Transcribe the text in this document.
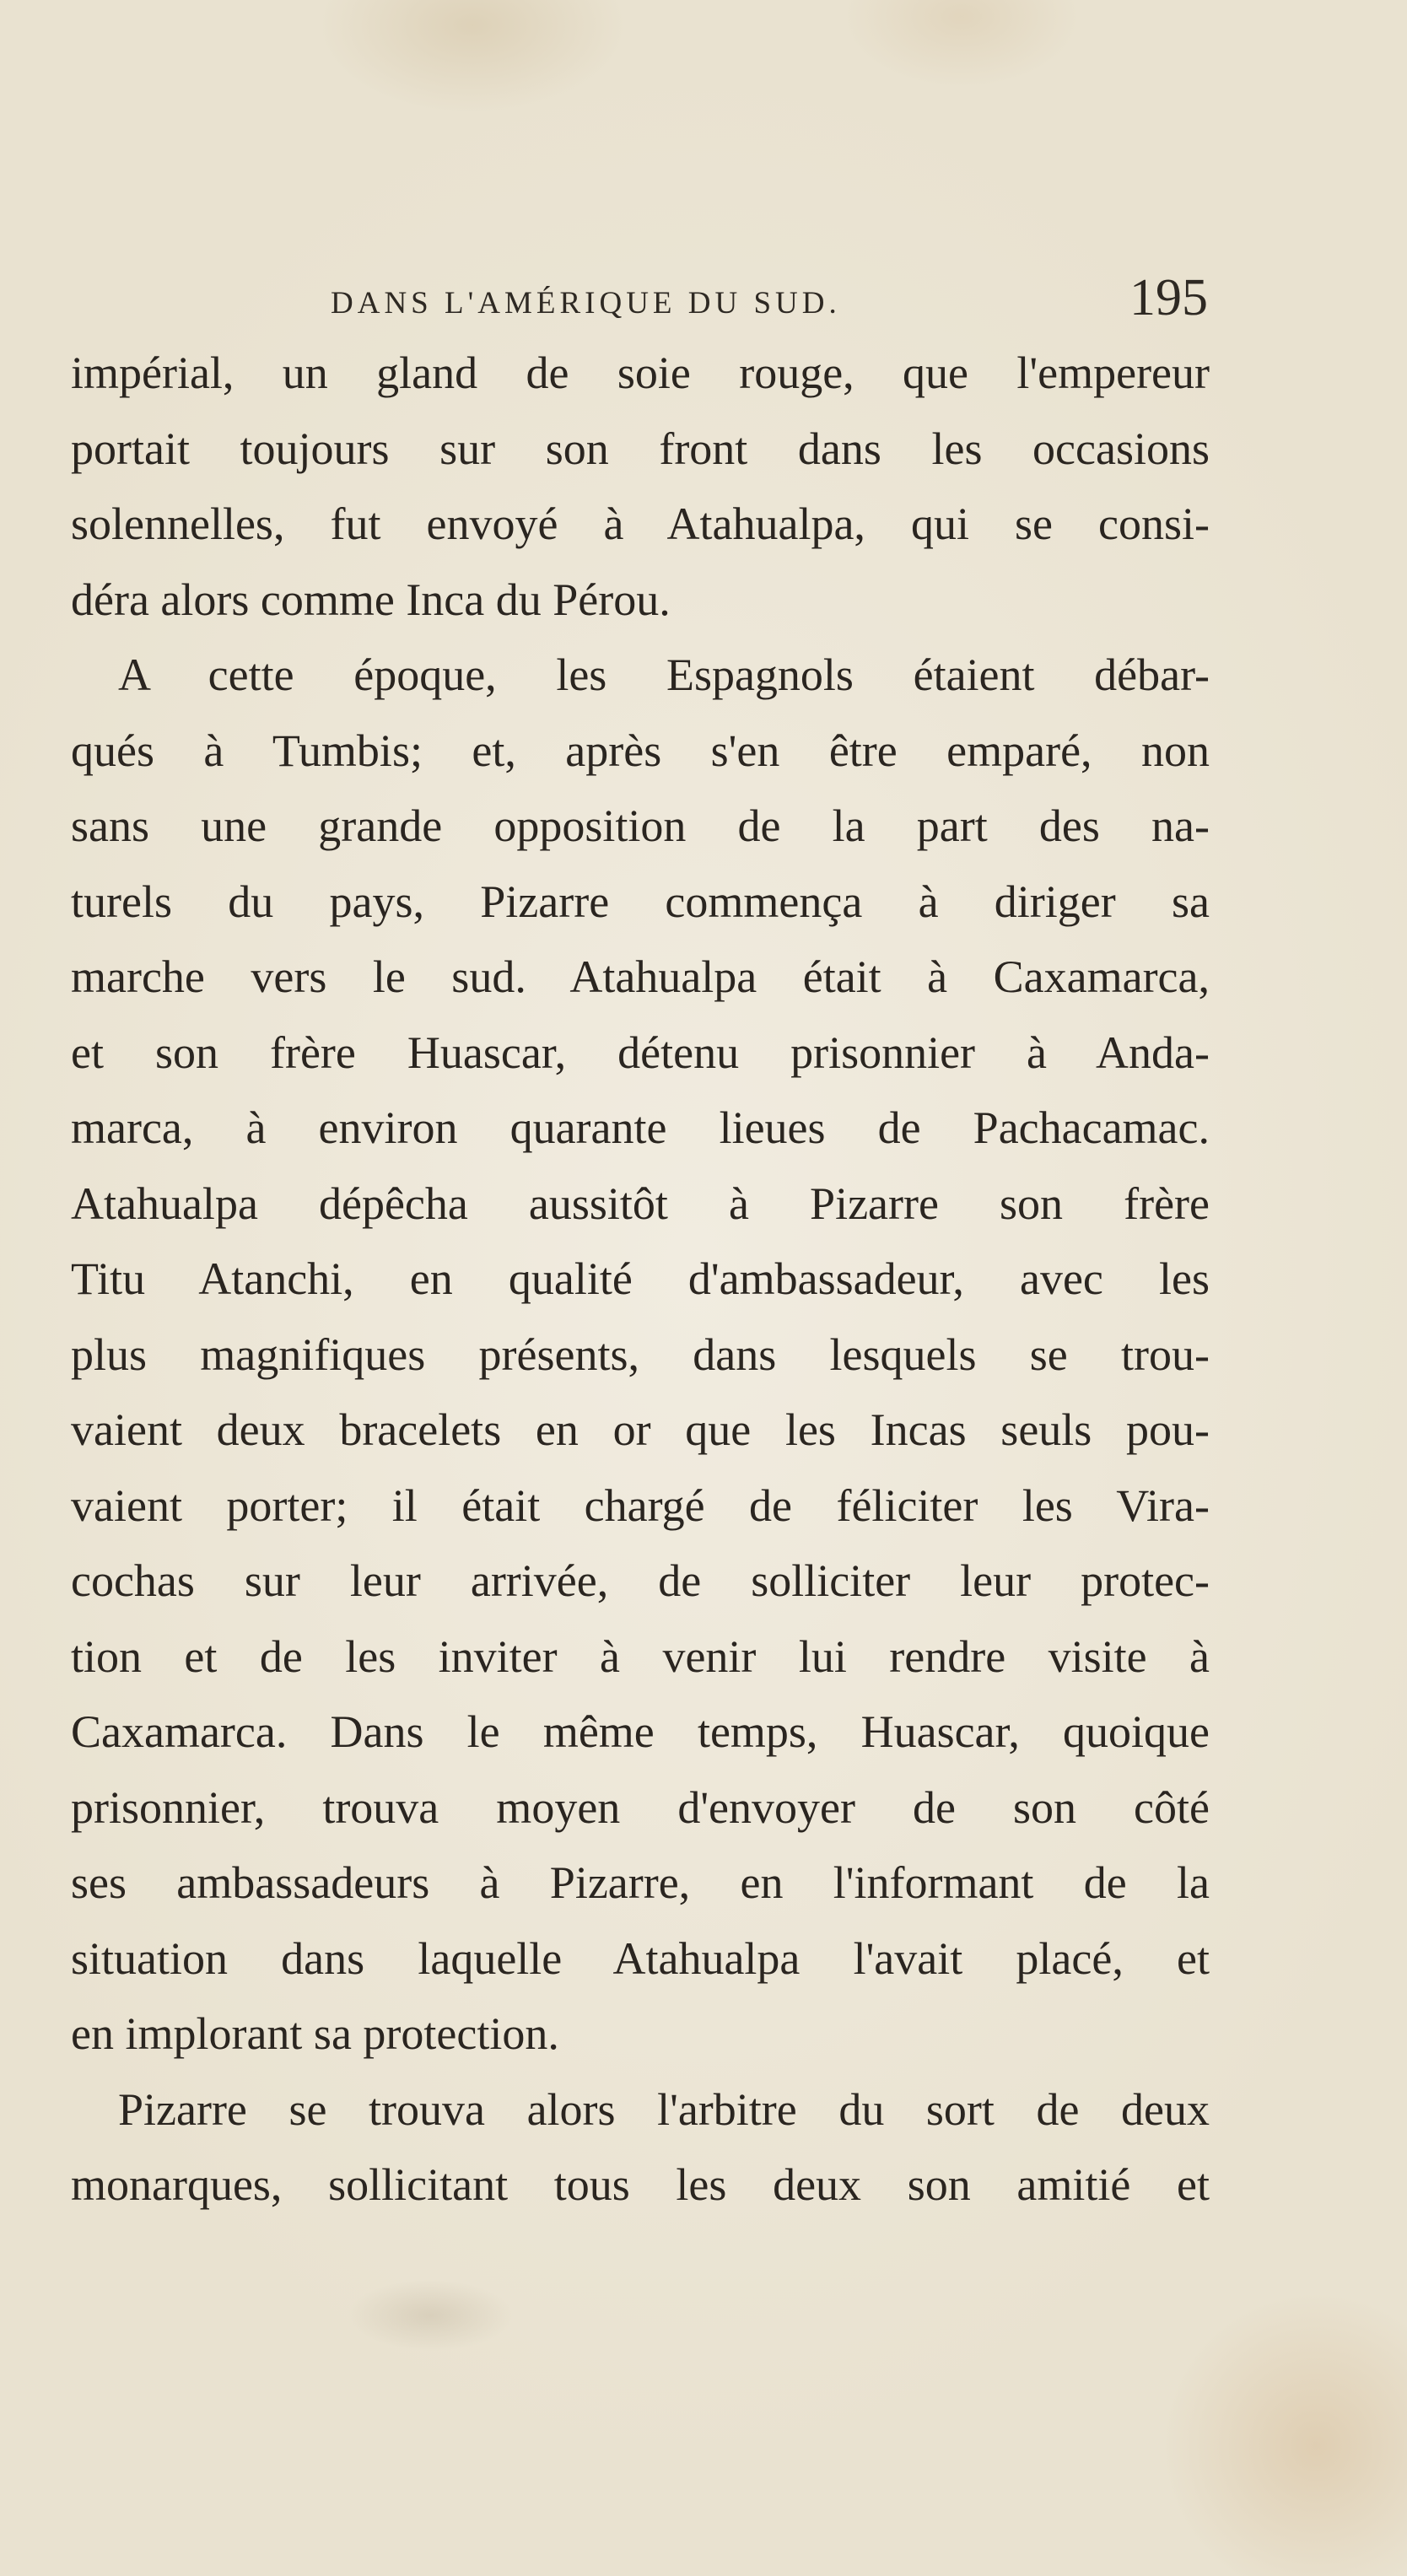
DANS L'AMÉRIQUE DU SUD.	195
impérial, un gland de soie rouge, que l'empereur
portait toujours sur son front dans les occasions
solennelles, fut envoyé à Atahualpa, qui se consi-
déra alors comme Inca du Pérou.
A cette époque, les Espagnols étaient débar-
qués à Tumbis; et, après s'en être emparé, non
sans une grande opposition de la part des na-
turels du pays, Pizarre commença à diriger sa
marche vers le sud. Atahualpa était à Caxamarca,
et son frère Huascar, détenu prisonnier à Anda-
marca, à environ quarante lieues de Pachacamac.
Atahualpa dépêcha aussitôt à Pizarre son frère
Titu Atanchi, en qualité d'ambassadeur, avec les
plus magnifiques présents, dans lesquels se trou-
vaient deux bracelets en or que les Incas seuls pou-
vaient porter; il était chargé de féliciter les Vira-
cochas sur leur arrivée, de solliciter leur protec-
tion et de les inviter à venir lui rendre visite à
Caxamarca. Dans le même temps, Huascar, quoique
prisonnier, trouva moyen d'envoyer de son côté
ses ambassadeurs à Pizarre, en l'informant de la
situation dans laquelle Atahualpa l'avait placé, et
en implorant sa protection.
Pizarre se trouva alors l'arbitre du sort de deux
monarques, sollicitant tous les deux son amitié et
